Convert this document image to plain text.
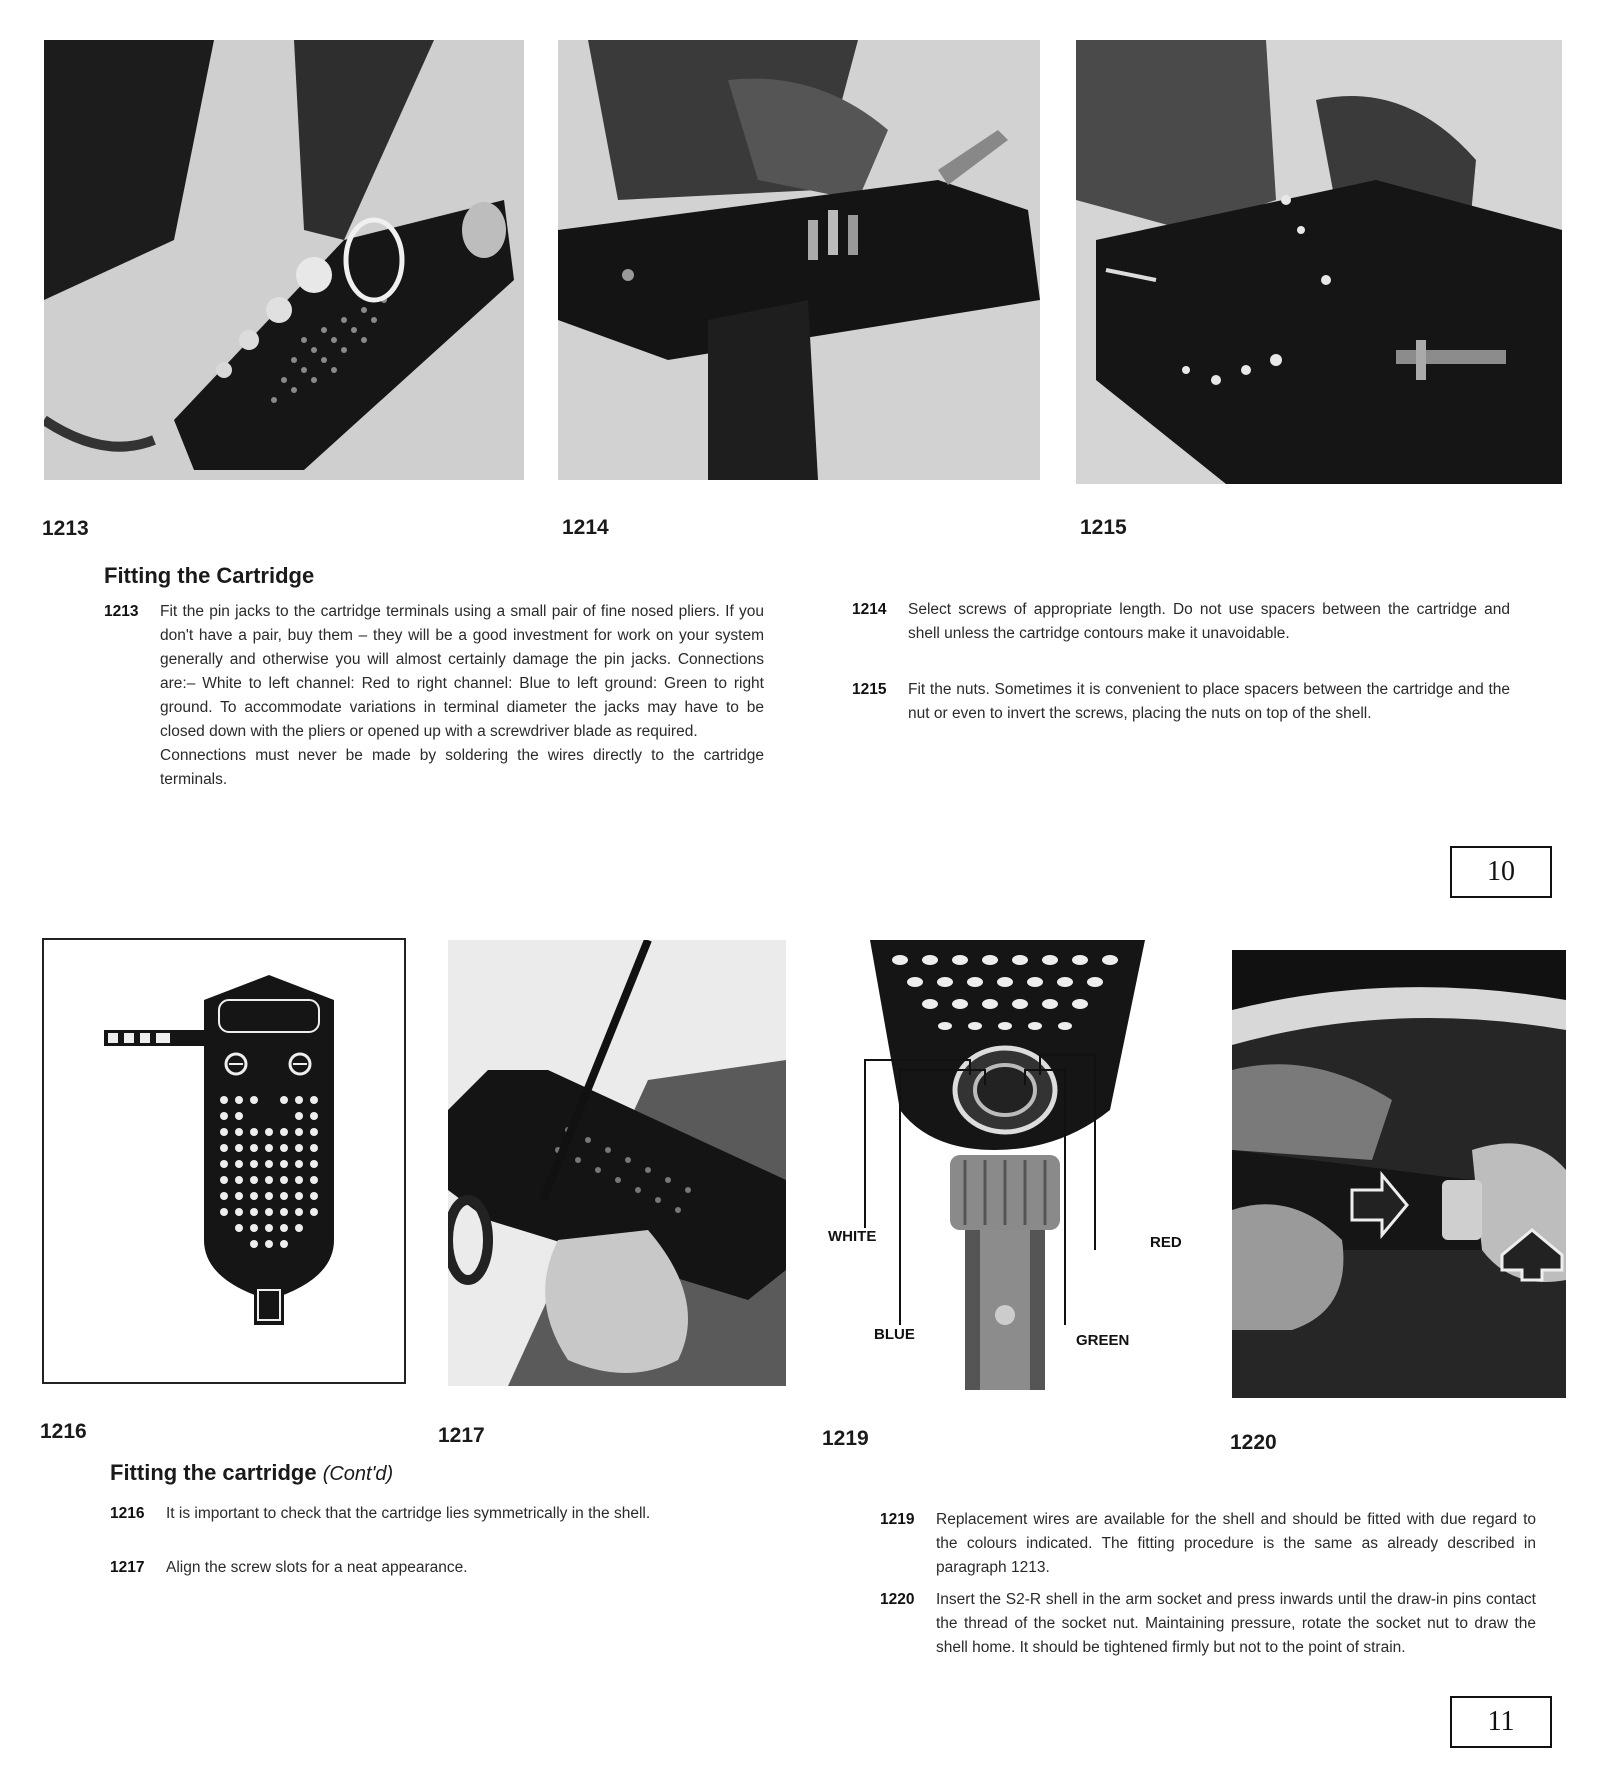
1213	1214	1215
Fitting the Cartridge
1213 Fit the pin jacks to the cartridge terminals using a small pair of fine nosed pliers. If you don't have a pair, buy them – they will be a good investment for work on your system generally and otherwise you will almost certainly damage the pin jacks. Connections are:– White to left channel: Red to right channel: Blue to left ground: Green to right ground. To accommodate variations in terminal diameter the jacks may have to be closed down with the pliers or opened up with a screwdriver blade as required.
Connections must never be made by soldering the wires directly to the cartridge terminals.
1214 Select screws of appropriate length. Do not use spacers between the cartridge and shell unless the cartridge contours make it unavoidable.
1215 Fit the nuts. Sometimes it is convenient to place spacers between the cartridge and the nut or even to invert the screws, placing the nuts on top of the shell.
10
WHITE	RED
BLUE	GREEN
1216	1217	1219	1220
Fitting the cartridge (Cont'd)
1216 It is important to check that the cartridge lies symmetrically in the shell.
1217 Align the screw slots for a neat appearance.
1219 Replacement wires are available for the shell and should be fitted with due regard to the colours indicated. The fitting procedure is the same as already described in paragraph 1213.
1220 Insert the S2-R shell in the arm socket and press inwards until the draw-in pins contact the thread of the socket nut. Maintaining pressure, rotate the socket nut to draw the shell home. It should be tightened firmly but not to the point of strain.
11
